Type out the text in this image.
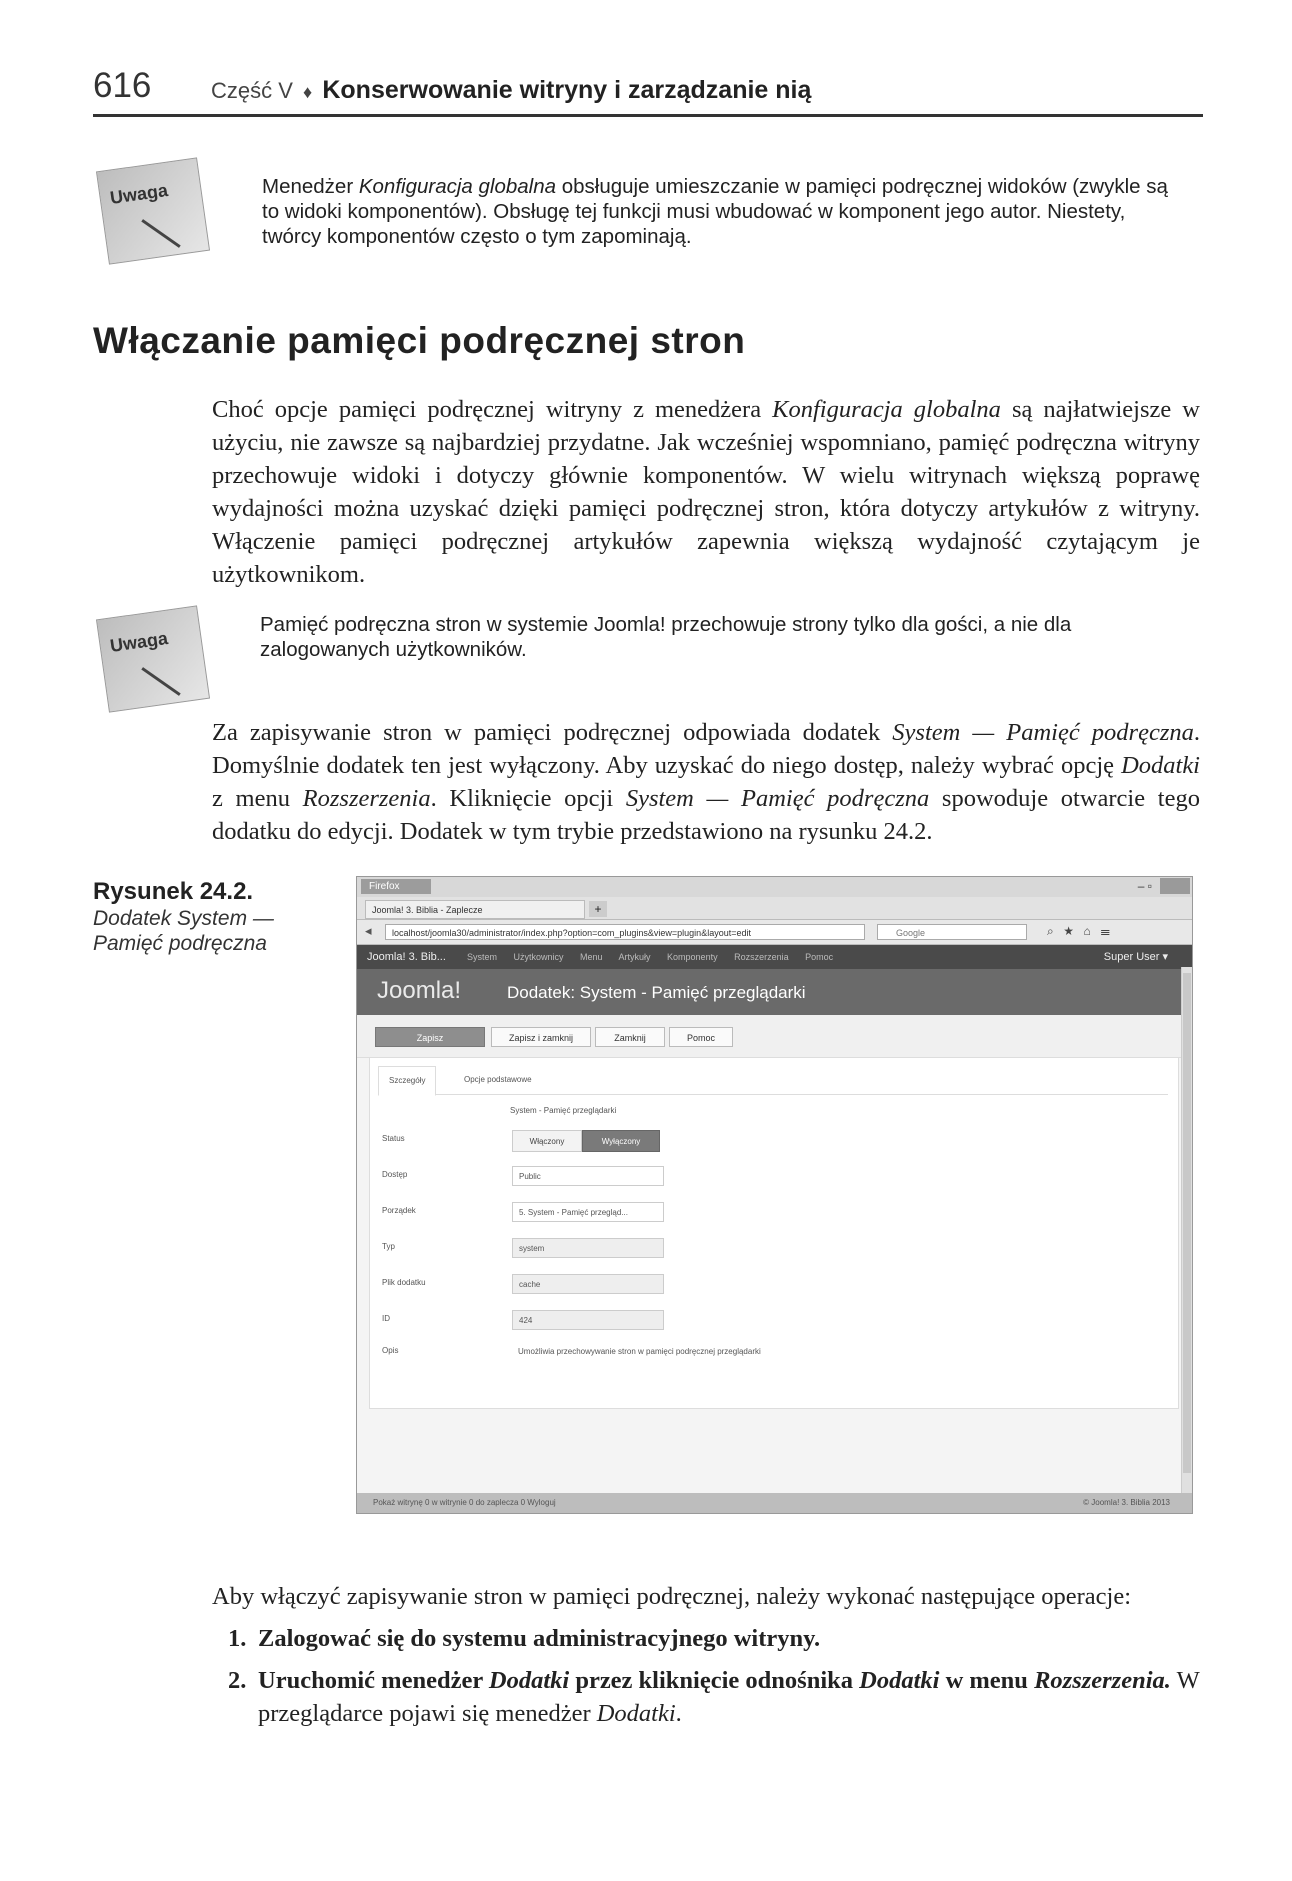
616	Część V ♦ Konserwowanie witryny i zarządzanie nią
Uwaga	Menedżer Konfiguracja globalna obsługuje umieszczanie w pamięci podręcznej widoków (zwykle są to widoki komponentów). Obsługę tej funkcji musi wbudować w komponent jego autor. Niestety, twórcy komponentów często o tym zapominają.
Włączanie pamięci podręcznej stron
Choć opcje pamięci podręcznej witryny z menedżera Konfiguracja globalna są najłatwiejsze w użyciu, nie zawsze są najbardziej przydatne. Jak wcześniej wspomniano, pamięć podręczna witryny przechowuje widoki i dotyczy głównie komponentów. W wielu witrynach większą poprawę wydajności można uzyskać dzięki pamięci podręcznej stron, która dotyczy artykułów z witryny. Włączenie pamięci podręcznej artykułów zapewnia większą wydajność czytającym je użytkownikom.
Uwaga
Pamięć podręczna stron w systemie Joomla! przechowuje strony tylko dla gości, a nie dla zalogowanych użytkowników.
Za zapisywanie stron w pamięci podręcznej odpowiada dodatek System — Pamięć podręczna. Domyślnie dodatek ten jest wyłączony. Aby uzyskać do niego dostęp, należy wybrać opcję Dodatki z menu Rozszerzenia. Kliknięcie opcji System — Pamięć podręczna spowoduje otwarcie tego dodatku do edycji. Dodatek w tym trybie przedstawiono na rysunku 24.2.
Rysunek 24.2.
Dodatek System — Pamięć podręczna
Firefox	– ▫
Joomla! 3. Biblia - Zaplecze	+
◂	localhost/joomla30/administrator/index.php?option=com_plugins&view=plugin&layout=edit	Google	⌕★⌂☰
Joomla! 3. Bib... System Użytkownicy Menu Artykuły Komponenty Rozszerzenia Pomoc	Super User ▾
Joomla!	Dodatek: System - Pamięć przeglądarki
Zapisz	Zapisz i zamknij	Zamknij	Pomoc
Szczegóły	Opcje podstawowe
System - Pamięć przeglądarki
Status	Włączony	Wyłączony
Dostęp	Public
Porządek	5. System - Pamięć przegląd...
Typ	system
Plik dodatku	cache
ID	424
Opis	Umożliwia przechowywanie stron w pamięci podręcznej przeglądarki
Pokaż witrynę 0 w witrynie 0 do zaplecza 0 Wyloguj	© Joomla! 3. Biblia 2013
Aby włączyć zapisywanie stron w pamięci podręcznej, należy wykonać następujące operacje:
1. Zalogować się do systemu administracyjnego witryny.
2. Uruchomić menedżer Dodatki przez kliknięcie odnośnika Dodatki w menu Rozszerzenia. W przeglądarce pojawi się menedżer Dodatki.
